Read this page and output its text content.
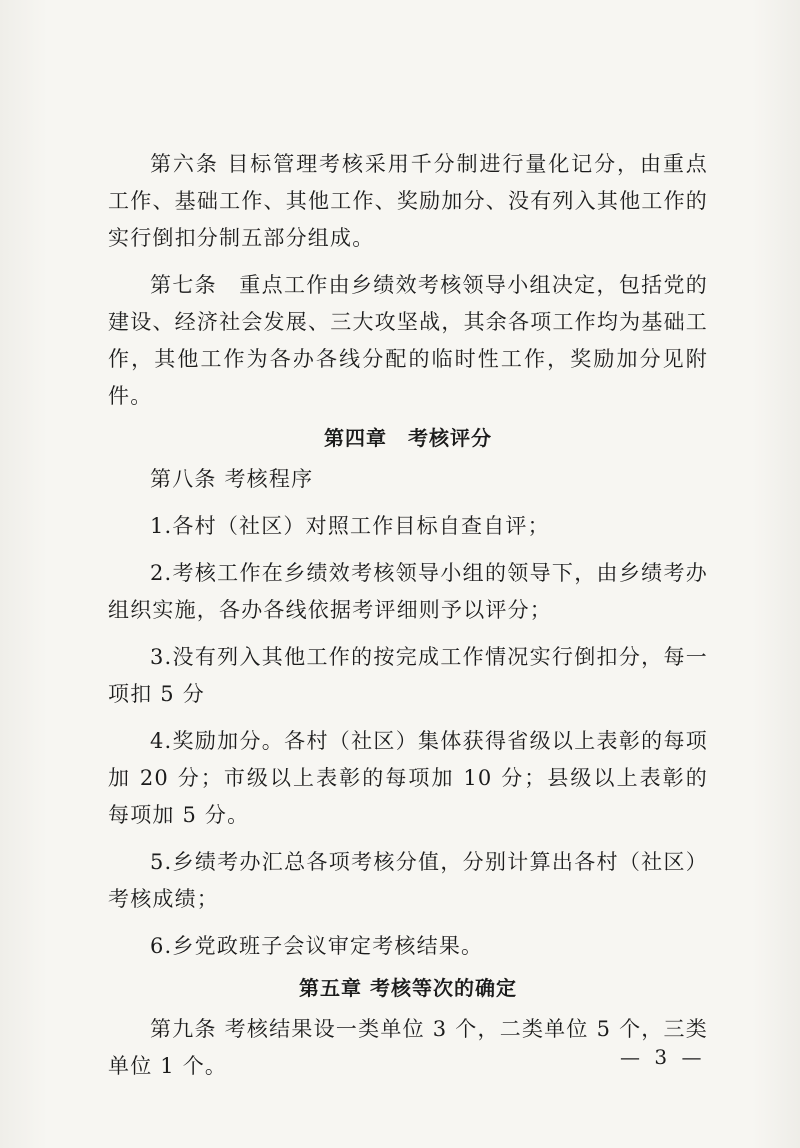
第六条 目标管理考核采用千分制进行量化记分，由重点工作、基础工作、其他工作、奖励加分、没有列入其他工作的实行倒扣分制五部分组成。

第七条　重点工作由乡绩效考核领导小组决定，包括党的建设、经济社会发展、三大攻坚战，其余各项工作均为基础工作，其他工作为各办各线分配的临时性工作，奖励加分见附件。

第四章　考核评分

第八条 考核程序

1.各村（社区）对照工作目标自查自评；

2.考核工作在乡绩效考核领导小组的领导下，由乡绩考办组织实施，各办各线依据考评细则予以评分；

3.没有列入其他工作的按完成工作情况实行倒扣分，每一项扣 5 分

4.奖励加分。各村（社区）集体获得省级以上表彰的每项加 20 分；市级以上表彰的每项加 10 分；县级以上表彰的每项加 5 分。

5.乡绩考办汇总各项考核分值，分别计算出各村（社区）考核成绩；

6.乡党政班子会议审定考核结果。

第五章 考核等次的确定

第九条 考核结果设一类单位 3 个，二类单位 5 个，三类单位 1 个。	— 3 —
